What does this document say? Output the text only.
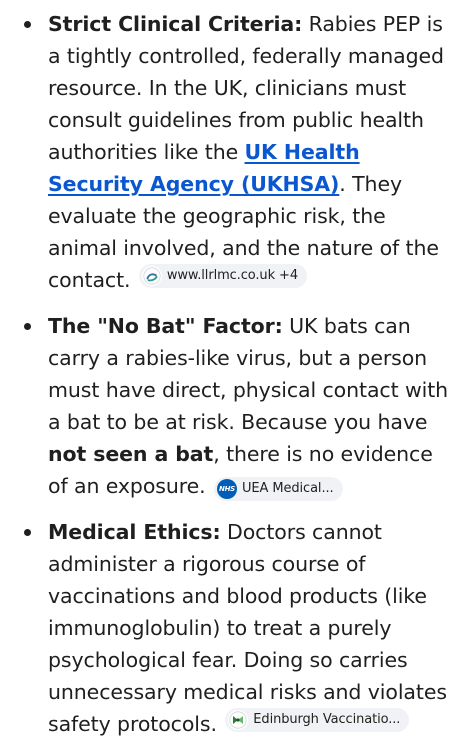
Strict Clinical Criteria: Rabies PEP is a tightly controlled, federally managed resource. In the UK, clinicians must consult guidelines from public health authorities like the UK Health Security Agency (UKHSA). They evaluate the geographic risk, the animal involved, and the nature of the contact. www.llrlmc.co.uk +4
The "No Bat" Factor: UK bats can carry a rabies-like virus, but a person must have direct, physical contact with a bat to be at risk. Because you have not seen a bat, there is no evidence of an exposure. NHS UEA Medical...
Medical Ethics: Doctors cannot administer a rigorous course of vaccinations and blood products (like immunoglobulin) to treat a purely psychological fear. Doing so carries unnecessary medical risks and violates safety protocols. Edinburgh Vaccinatio...
